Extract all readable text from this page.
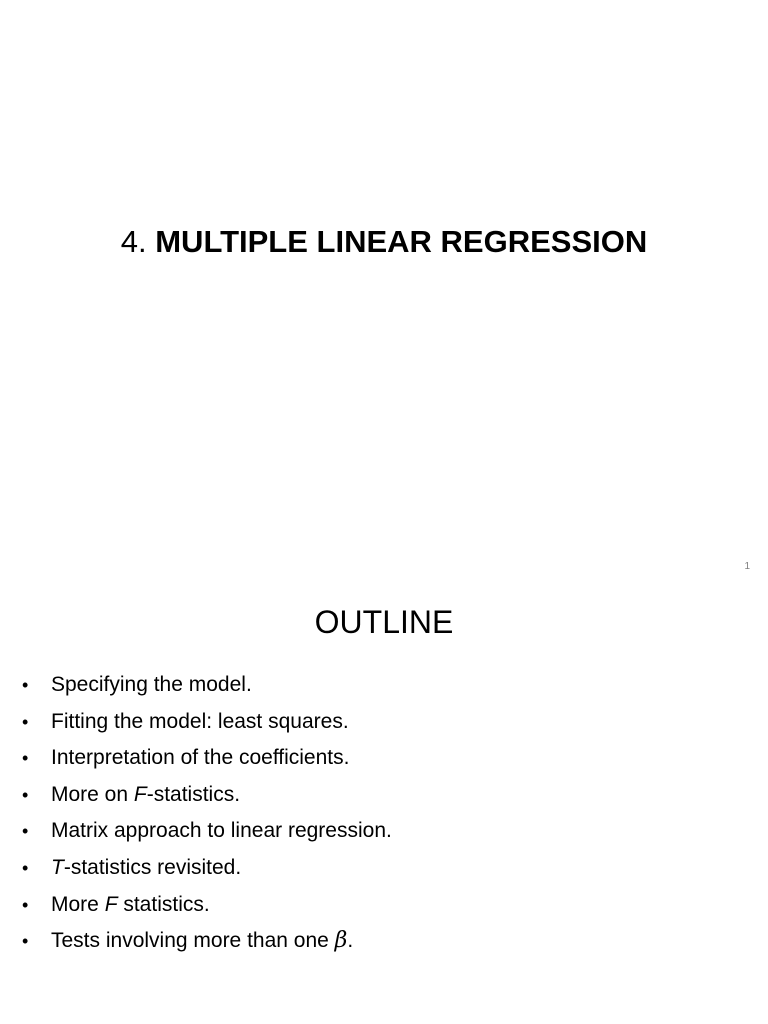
4. MULTIPLE LINEAR REGRESSION
1
OUTLINE
•	Specifying the model.
•	Fitting the model: least squares.
•	Interpretation of the coefficients.
•	More on F-statistics.
•	Matrix approach to linear regression.
•	T-statistics revisited.
•	More F statistics.
•	Tests involving more than one β.
